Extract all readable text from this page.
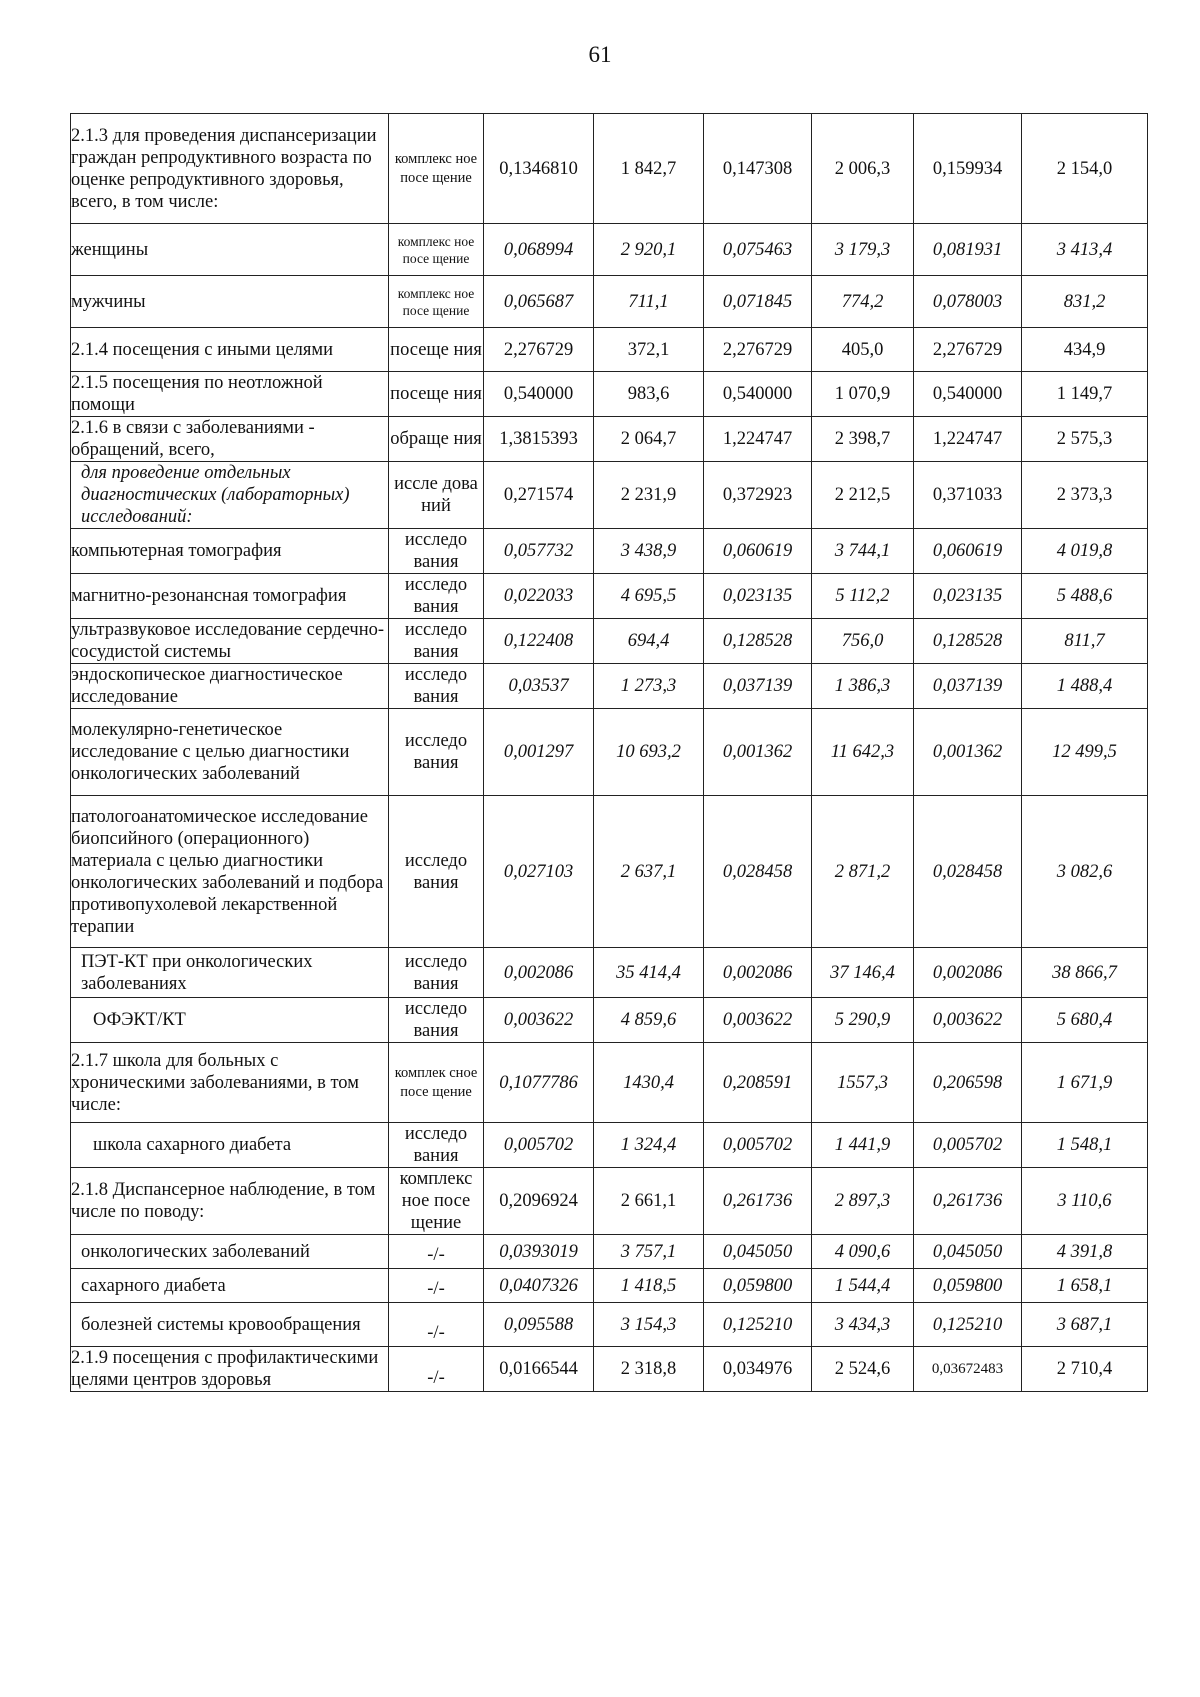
61
2.1.3 для проведения диспансеризации граждан репродуктивного возраста по оценке репродуктивного здоровья, всего, в том числе:	комплекс ное посе щение	0,1346810	1 842,7	0,147308	2 006,3	0,159934	2 154,0
женщины	комплекс ное посе щение	0,068994	2 920,1	0,075463	3 179,3	0,081931	3 413,4
мужчины	комплекс ное посе щение	0,065687	711,1	0,071845	774,2	0,078003	831,2
2.1.4 посещения с иными целями	посеще ния	2,276729	372,1	2,276729	405,0	2,276729	434,9
2.1.5 посещения по неотложной помощи	посеще ния	0,540000	983,6	0,540000	1 070,9	0,540000	1 149,7
2.1.6 в связи с заболеваниями - обращений, всего,	обраще ния	1,3815393	2 064,7	1,224747	2 398,7	1,224747	2 575,3
для проведение отдельных диагностических (лабораторных) исследований:	иссле дова ний	0,271574	2 231,9	0,372923	2 212,5	0,371033	2 373,3
компьютерная томография	исследо вания	0,057732	3 438,9	0,060619	3 744,1	0,060619	4 019,8
магнитно-резонансная томография	исследо вания	0,022033	4 695,5	0,023135	5 112,2	0,023135	5 488,6
ультразвуковое исследование сердечно-сосудистой системы	исследо вания	0,122408	694,4	0,128528	756,0	0,128528	811,7
эндоскопическое диагностическое исследование	исследо вания	0,03537	1 273,3	0,037139	1 386,3	0,037139	1 488,4
молекулярно-генетическое исследование с целью диагностики онкологических заболеваний	исследо вания	0,001297	10 693,2	0,001362	11 642,3	0,001362	12 499,5
патологоанатомическое исследование биопсийного (операционного) материала с целью диагностики онкологических заболеваний и подбора противопухолевой лекарственной терапии	исследо вания	0,027103	2 637,1	0,028458	2 871,2	0,028458	3 082,6
ПЭТ-КТ при онкологических заболеваниях	исследо вания	0,002086	35 414,4	0,002086	37 146,4	0,002086	38 866,7
ОФЭКТ/КТ	исследо вания	0,003622	4 859,6	0,003622	5 290,9	0,003622	5 680,4
2.1.7 школа для больных с хроническими заболеваниями, в том числе:	комплек сное посе щение	0,1077786	1430,4	0,208591	1557,3	0,206598	1 671,9
школа сахарного диабета	исследо вания	0,005702	1 324,4	0,005702	1 441,9	0,005702	1 548,1
2.1.8 Диспансерное наблюдение, в том числе по поводу:	комплекс ное посе щение	0,2096924	2 661,1	0,261736	2 897,3	0,261736	3 110,6
онкологических заболеваний	-/-	0,0393019	3 757,1	0,045050	4 090,6	0,045050	4 391,8
сахарного диабета	-/-	0,0407326	1 418,5	0,059800	1 544,4	0,059800	1 658,1
болезней системы кровообращения	-/-	0,095588	3 154,3	0,125210	3 434,3	0,125210	3 687,1
2.1.9 посещения с профилактическими целями центров здоровья	-/-	0,0166544	2 318,8	0,034976	2 524,6	0,03672483	2 710,4
